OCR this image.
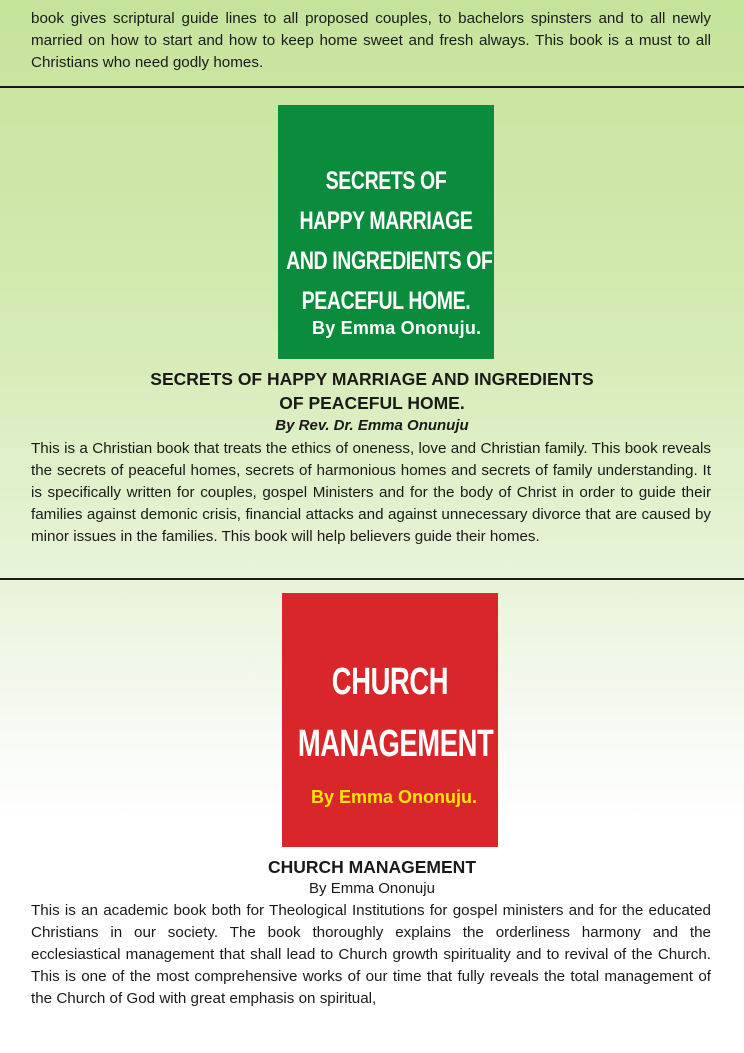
book gives scriptural guide lines to all proposed couples, to bachelors spinsters and to all newly married on how to start and how to keep home sweet and fresh always. This book is a must to all Christians who need godly homes.

SECRETS OF
HAPPY MARRIAGE
AND INGREDIENTS OF
PEACEFUL HOME.
By Emma Ononuju.

SECRETS OF HAPPY MARRIAGE AND INGREDIENTS

OF PEACEFUL HOME.

By Rev. Dr. Emma Onunuju

This is a Christian book that treats the ethics of oneness, love and Christian family. This book reveals the secrets of peaceful homes, secrets of harmonious homes and secrets of family understanding. It is specifically written for couples, gospel Ministers and for the body of Christ in order to guide their families against demonic crisis, financial attacks and against unnecessary divorce that are caused by minor issues in the families. This book will help believers guide their homes.

CHURCH
MANAGEMENT
By Emma Ononuju.

CHURCH MANAGEMENT

By Emma Ononuju

This is an academic book both for Theological Institutions for gospel ministers and for the educated Christians in our society. The book thoroughly explains the orderliness harmony and the ecclesiastical management that shall lead to Church growth spirituality and to revival of the Church. This is one of the most comprehensive works of our time that fully reveals the total management of the Church of God with great emphasis on spiritual,
